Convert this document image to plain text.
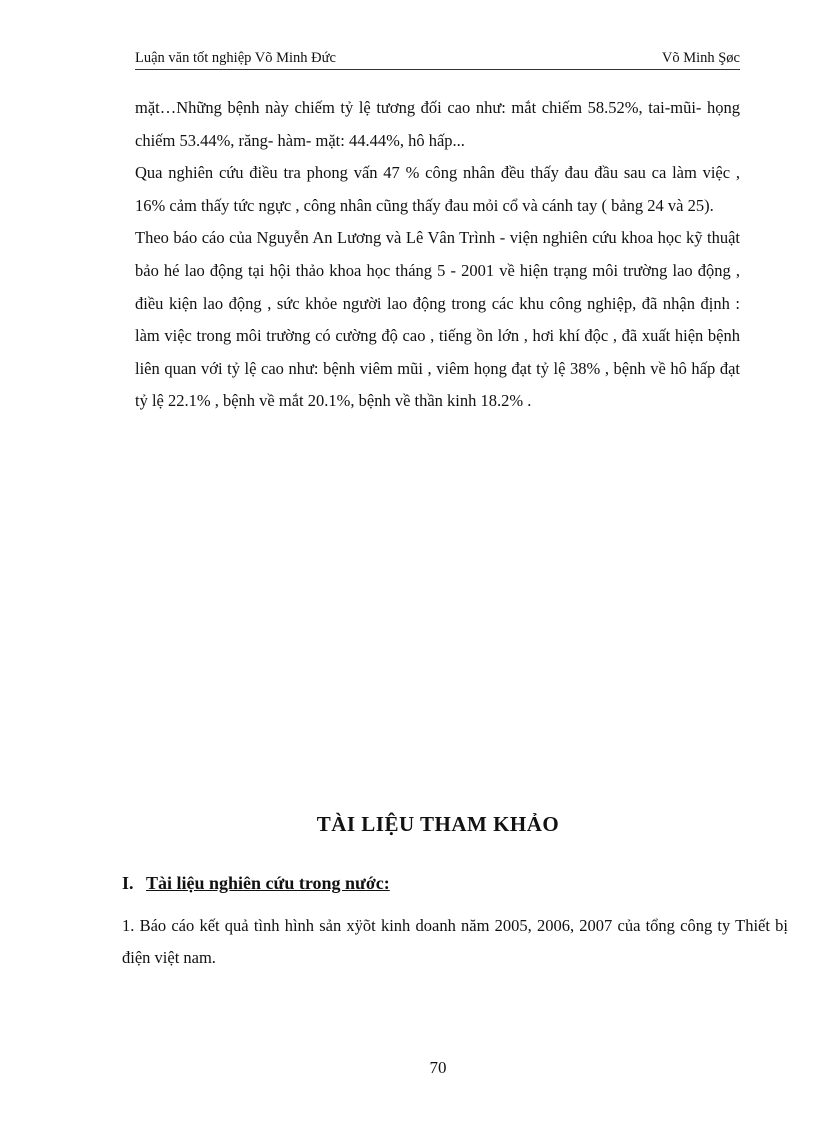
Luận văn tốt nghiệp Võ Minh Đức	Võ Minh Şøc

mặt…Những bệnh này chiếm tỷ lệ tương đối cao như: mắt chiếm 58.52%, tai-mũi- họng chiếm 53.44%, răng- hàm- mặt: 44.44%, hô hấp...

Qua nghiên cứu điều tra phong vấn 47 % công nhân đều thấy đau đầu sau ca làm việc , 16% cảm thấy tức ngực , công nhân cũng thấy đau mỏi cổ và cánh tay ( bảng 24 và 25).

Theo báo cáo của Nguyễn An Lương và Lê Vân Trình - viện nghiên cứu khoa học kỹ thuật bảo hé lao động tại hội thảo khoa học tháng 5 - 2001 về hiện trạng môi trường lao động , điều kiện lao động , sức khỏe người lao động trong các khu công nghiệp, đã nhận định : làm việc trong môi trường có cường độ cao , tiếng ồn lớn , hơi khí độc , đã xuất hiện bệnh liên quan với tỷ lệ cao như: bệnh viêm mũi , viêm họng đạt tỷ lệ 38% , bệnh về hô hấp đạt tỷ lệ 22.1% , bệnh về mắt 20.1%, bệnh về thần kinh 18.2% .

TÀI LIỆU THAM KHẢO
I. Tài liệu nghiên cứu trong nước:

1. Báo cáo kết quả tình hình sản xÿõt kinh doanh năm 2005, 2006, 2007 của tổng công ty Thiết bị điện việt nam.

70
